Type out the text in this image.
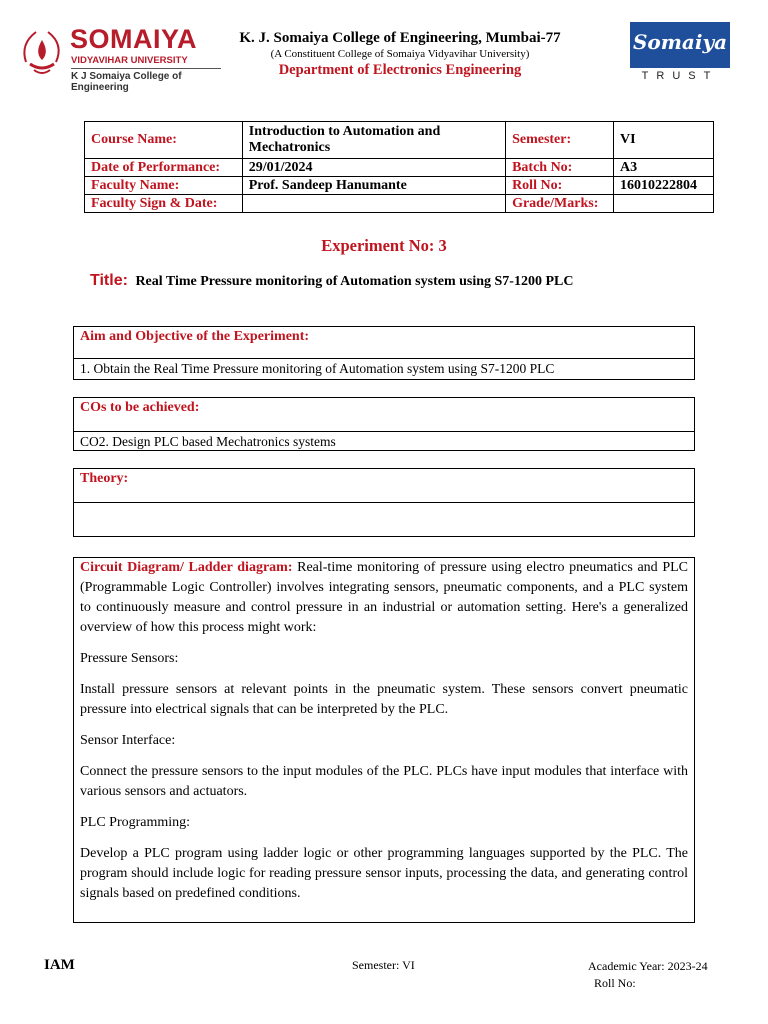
SOMAIYA
VIDYAVIHAR UNIVERSITY
K J Somaiya College of Engineering
K. J. Somaiya College of Engineering, Mumbai-77
(A Constituent College of Somaiya Vidyavihar University)
Department of Electronics Engineering
Somaiya
TRUST
Course Name:	Introduction to Automation and Mechatronics	Semester:	VI
Date of Performance:	29/01/2024	Batch No:	A3
Faculty Name:	Prof. Sandeep Hanumante	Roll No:	16010222804
Faculty Sign & Date:		Grade/Marks:	
Experiment No: 3
Title: Real Time Pressure monitoring of Automation system using S7-1200 PLC
Aim and Objective of the Experiment:
1. Obtain the Real Time Pressure monitoring of Automation system using S7-1200 PLC
COs to be achieved:
CO2. Design PLC based Mechatronics systems
Theory:

Circuit Diagram/ Ladder diagram: Real-time monitoring of pressure using electro pneumatics and PLC (Programmable Logic Controller) involves integrating sensors, pneumatic components, and a PLC system to continuously measure and control pressure in an industrial or automation setting. Here's a generalized overview of how this process might work:

Pressure Sensors:

Install pressure sensors at relevant points in the pneumatic system. These sensors convert pneumatic pressure into electrical signals that can be interpreted by the PLC.

Sensor Interface:

Connect the pressure sensors to the input modules of the PLC. PLCs have input modules that interface with various sensors and actuators.

PLC Programming:

Develop a PLC program using ladder logic or other programming languages supported by the PLC. The program should include logic for reading pressure sensor inputs, processing the data, and generating control signals based on predefined conditions.

IAM	Semester: VI	Academic Year: 2023-24
Roll No:
